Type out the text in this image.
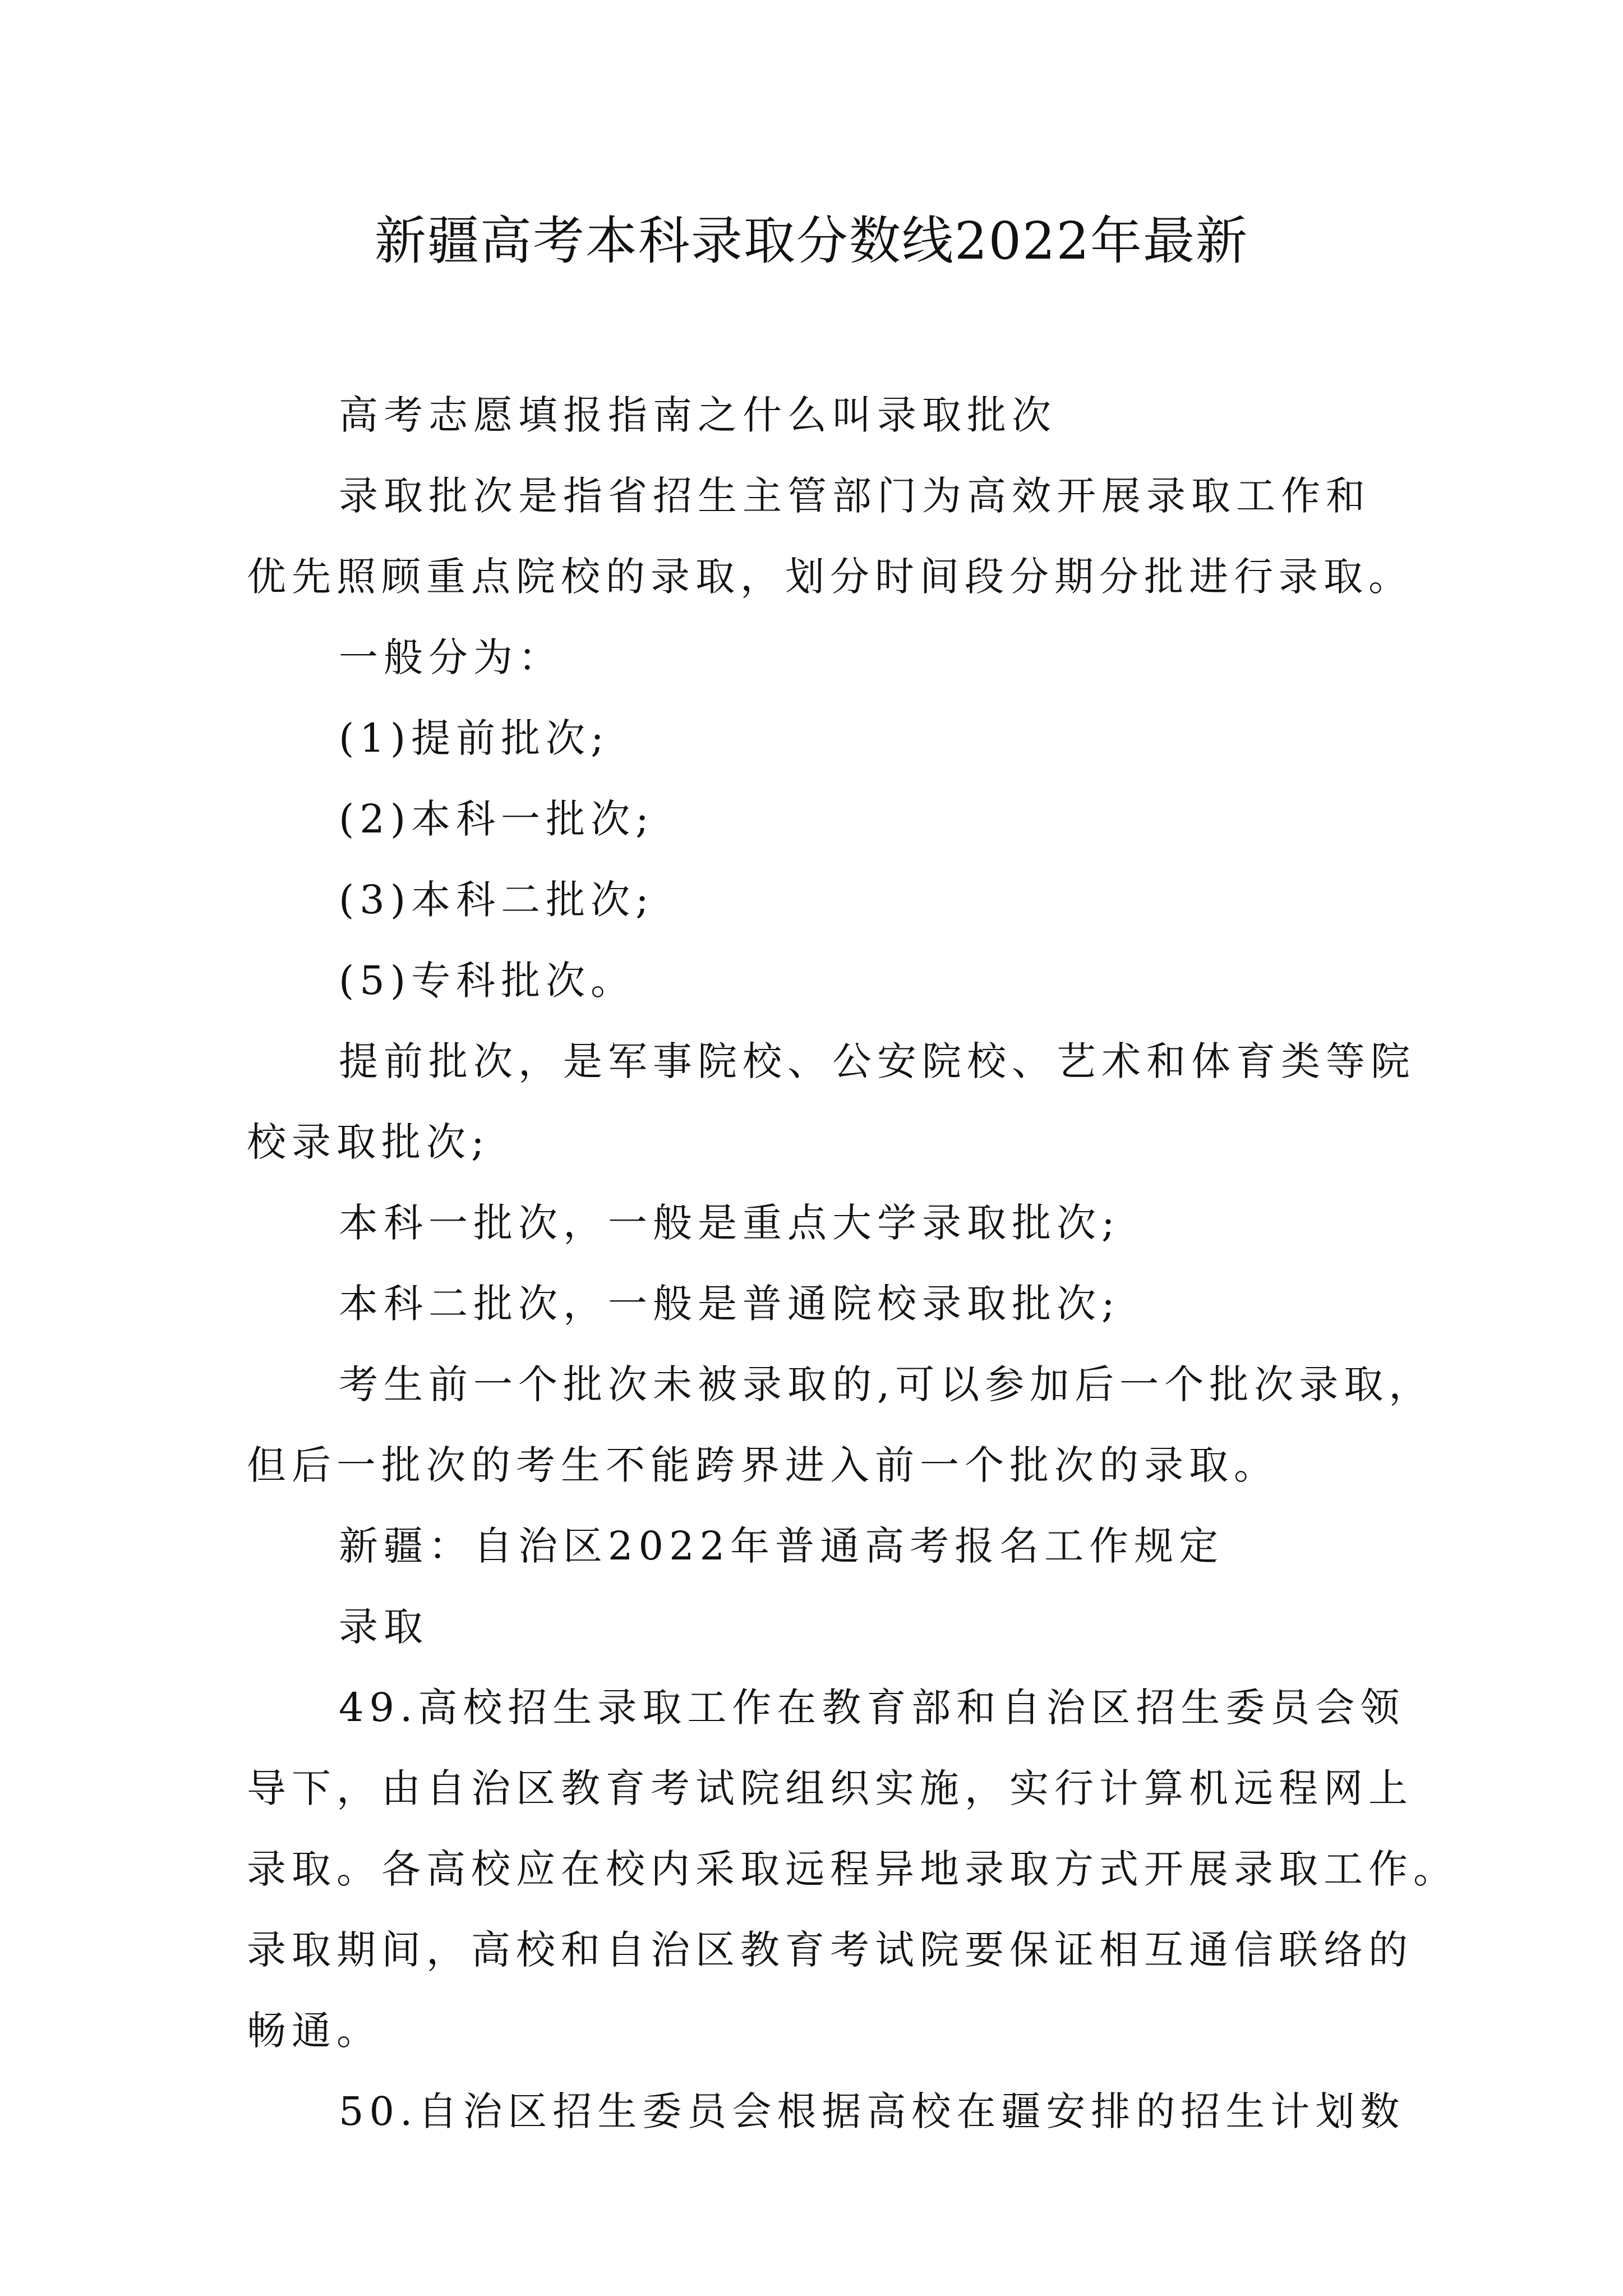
新疆高考本科录取分数线2022年最新

高考志愿填报指南之什么叫录取批次

录取批次是指省招生主管部门为高效开展录取工作和

优先照顾重点院校的录取，划分时间段分期分批进行录取。

一般分为：

(1)提前批次;

(2)本科一批次;

(3)本科二批次;

(5)专科批次。

提前批次，是军事院校、公安院校、艺术和体育类等院

校录取批次;

本科一批次，一般是重点大学录取批次;

本科二批次，一般是普通院校录取批次;

考生前一个批次未被录取的,可以参加后一个批次录取，

但后一批次的考生不能跨界进入前一个批次的录取。

新疆：自治区2022年普通高考报名工作规定

录取

49.高校招生录取工作在教育部和自治区招生委员会领

导下，由自治区教育考试院组织实施，实行计算机远程网上

录取。各高校应在校内采取远程异地录取方式开展录取工作。

录取期间，高校和自治区教育考试院要保证相互通信联络的

畅通。

50.自治区招生委员会根据高校在疆安排的招生计划数
